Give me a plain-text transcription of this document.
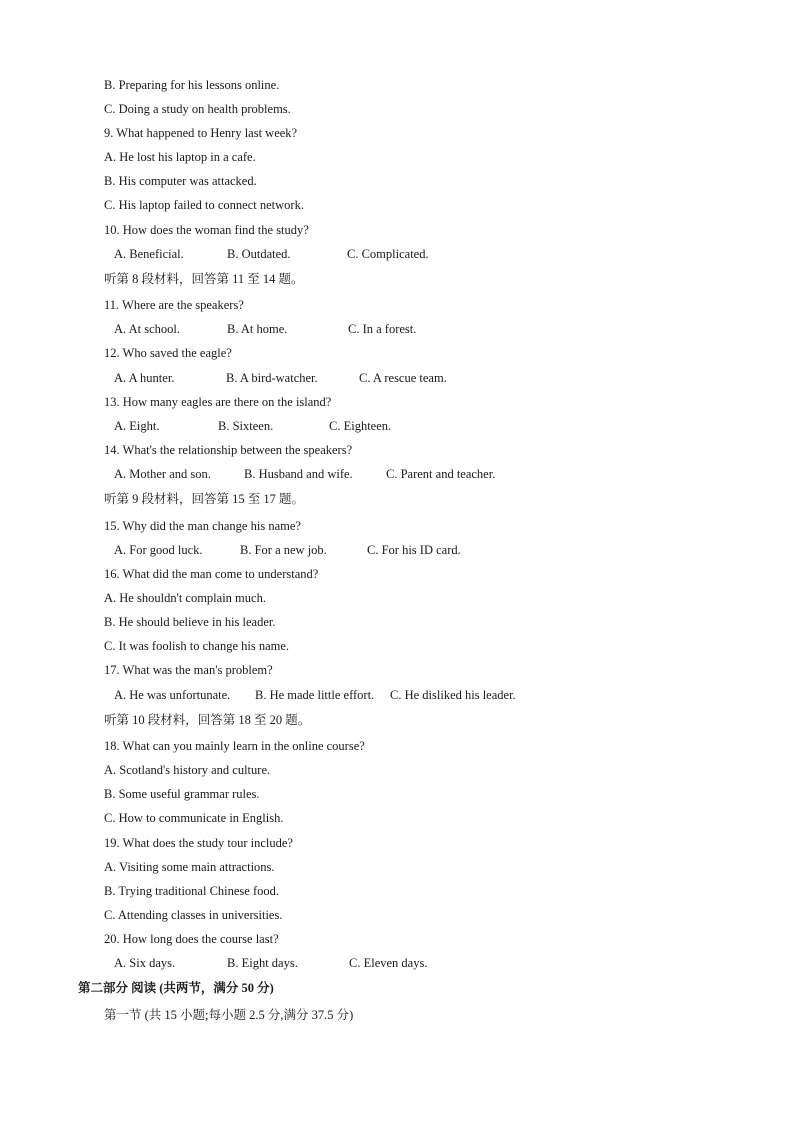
B. Preparing for his lessons online.
C. Doing a study on health problems.
9. What happened to Henry last week?
A. He lost his laptop in a cafe.
B. His computer was attacked.
C. His laptop failed to connect network.
10. How does the woman find the study?
A. Beneficial.	B. Outdated.	C. Complicated.
听第 8 段材料，回答第 11 至 14 题。
11. Where are the speakers?
A. At school.	B. At home.	C. In a forest.
12. Who saved the eagle?
A. A hunter.	B. A bird-watcher.	C. A rescue team.
13. How many eagles are there on the island?
A. Eight.	B. Sixteen.	C. Eighteen.
14. What's the relationship between the speakers?
A. Mother and son.	B. Husband and wife.	C. Parent and teacher.
听第 9 段材料，回答第 15 至 17 题。
15. Why did the man change his name?
A. For good luck.	B. For a new job.	C. For his ID card.
16. What did the man come to understand?
A. He shouldn't complain much.
B. He should believe in his leader.
C. It was foolish to change his name.
17. What was the man's problem?
A. He was unfortunate. B. He made little effort. C. He disliked his leader.
听第 10 段材料，回答第 18 至 20 题。
18. What can you mainly learn in the online course?
A. Scotland's history and culture.
B. Some useful grammar rules.
C. How to communicate in English.
19. What does the study tour include?
A. Visiting some main attractions.
B. Trying traditional Chinese food.
C. Attending classes in universities.
20. How long does the course last?
A. Six days.	B. Eight days.	C. Eleven days.
第二部分 阅读 (共两节，满分 50 分)
第一节 (共 15 小题;每小题 2.5 分,满分 37.5 分)
